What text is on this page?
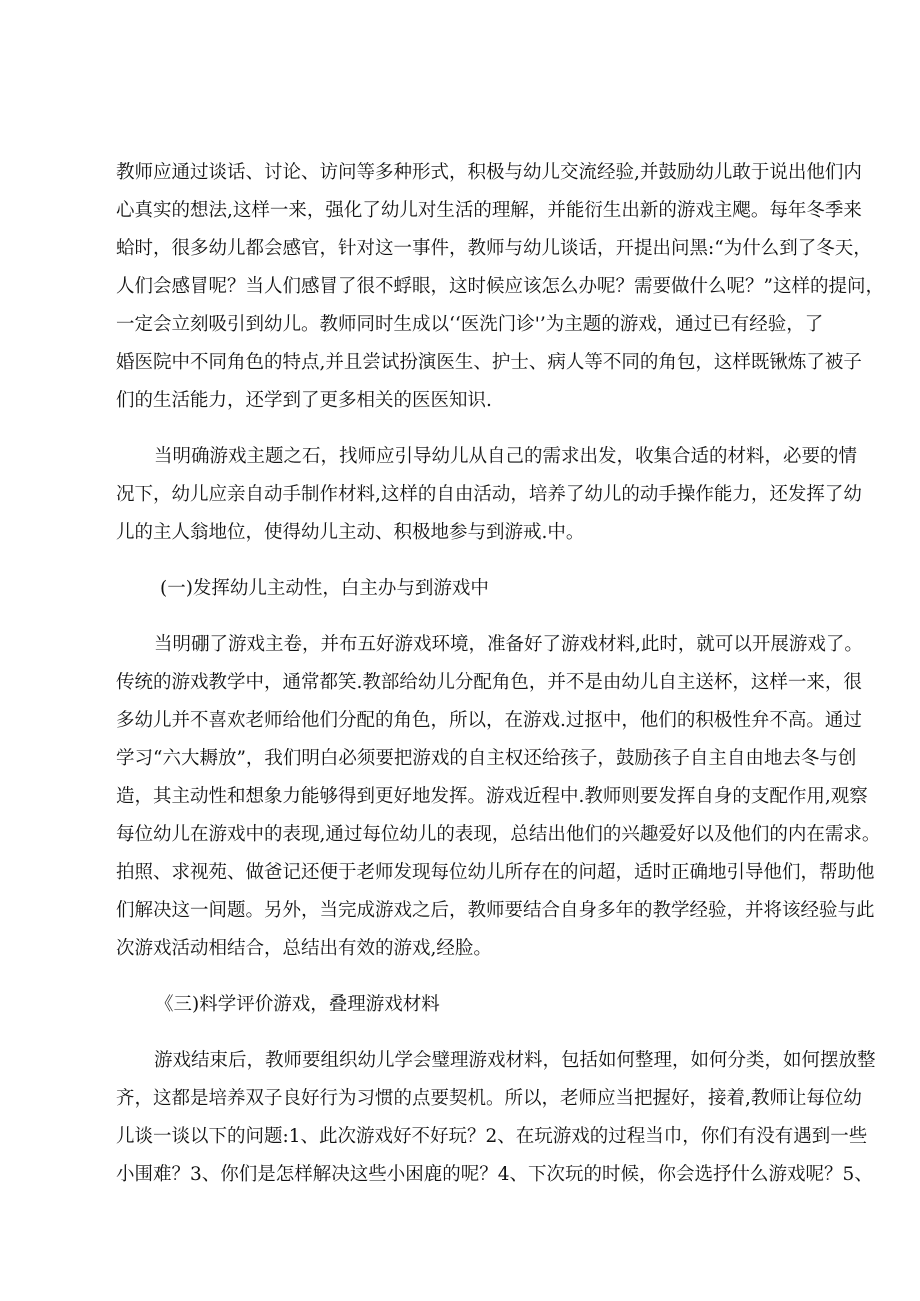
教师应通过谈话、讨论、访问等多种形式，积极与幼儿交流经验,并鼓励幼儿敢于说出他们内
心真实的想法,这样一来，强化了幼儿对生活的理解，并能衍生出新的游戏主飔。每年冬季来
蛤时，很多幼儿都会感官，针对这一事件，教师与幼儿谈话，幵提出问黑:“为什么到了冬天，
人们会感冒呢？当人们感冒了很不蜉眼，这时候应该怎么办呢？需要做什么呢？”这样的提问，
一定会立刻吸引到幼儿。教师同时生成以‘‘医洗门诊'’为主题的游戏，通过已有经验，了
婚医院中不同角色的特点,并且尝试扮演医生、护士、病人等不同的角包，这样既锹炼了被子
们的生活能力，还学到了更多相关的医医知识.
当明确游戏主题之石，找师应引导幼儿从自己的需求出发，收集合适的材料，必要的情
况下，幼儿应亲自动手制作材料,这样的自由活动，培养了幼儿的动手操作能力，还发挥了幼
儿的主人翁地位，使得幼儿主动、积极地参与到游戒.中。
(一)发挥幼儿主动性，白主办与到游戏中
当明硼了游戏主卷，并布五好游戏环境，准备好了游戏材料,此时，就可以开展游戏了。
传统的游戏教学中，通常都笑.教部给幼儿分配角色，并不是由幼儿自主送杯，这样一来，很
多幼儿并不喜欢老师给他们分配的角色，所以，在游戏.过抠中，他们的积极性弁不高。通过
学习“六大耨放”，我们明白必须要把游戏的自主权还给孩子，鼓励孩子自主自由地去冬与创
造，其主动性和想象力能够得到更好地发挥。游戏近程中.教师则要发挥自身的支配作用,观察
每位幼儿在游戏中的表现,通过每位幼儿的表现，总结出他们的兴趣爱好以及他们的内在需求。
拍照、求视苑、做爸记还便于老师发现每位幼儿所存在的问超，适时正确地引导他们，帮助他
们解决这一间题。另外，当完成游戏之后，教师要结合自身多年的教学经验，并将该经验与此
次游戏活动相结合，总结出有效的游戏,经脸。
《三)料学评价游戏，叠理游戏材料
游戏结束后，教师要组织幼儿学会璧理游戏材料，包括如何整理，如何分类，如何摆放整
齐，这都是培养双子良好行为习惯的点要契机。所以，老师应当把握好，接着,教师让每位幼
儿谈一谈以下的问题:1、此次游戏好不好玩？2、在玩游戏的过程当巾，你们有没有遇到一些
小围难？3、你们是怎样解决这些小困鹿的呢？4、下次玩的时候，你会选抒什么游戏呢？5、
